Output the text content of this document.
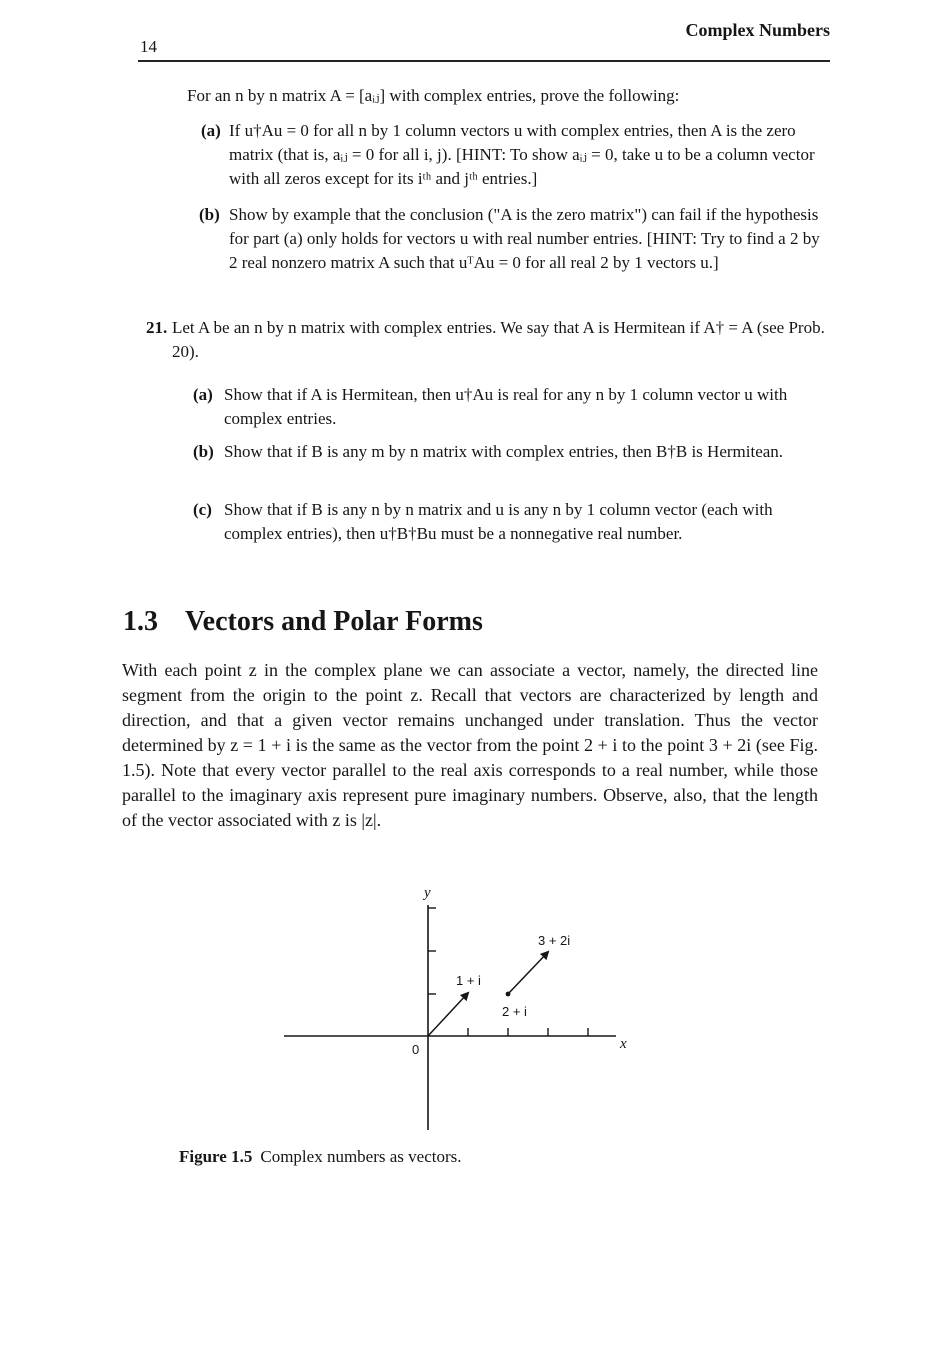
14
Complex Numbers
For an n by n matrix A = [aᵢⱼ] with complex entries, prove the following:
(a) If u†Au = 0 for all n by 1 column vectors u with complex entries, then A is the zero matrix (that is, aᵢⱼ = 0 for all i, j). [HINT: To show aᵢⱼ = 0, take u to be a column vector with all zeros except for its iᵗʰ and jᵗʰ entries.]
(b) Show by example that the conclusion ("A is the zero matrix") can fail if the hypothesis for part (a) only holds for vectors u with real number entries. [HINT: Try to find a 2 by 2 real nonzero matrix A such that uᵀAu = 0 for all real 2 by 1 vectors u.]
21. Let A be an n by n matrix with complex entries. We say that A is Hermitean if A† = A (see Prob. 20).
(a) Show that if A is Hermitean, then u†Au is real for any n by 1 column vector u with complex entries.
(b) Show that if B is any m by n matrix with complex entries, then B†B is Hermitean.
(c) Show that if B is any n by n matrix and u is any n by 1 column vector (each with complex entries), then u†B†Bu must be a nonnegative real number.
1.3 Vectors and Polar Forms
With each point z in the complex plane we can associate a vector, namely, the directed line segment from the origin to the point z. Recall that vectors are characterized by length and direction, and that a given vector remains unchanged under translation. Thus the vector determined by z = 1 + i is the same as the vector from the point 2 + i to the point 3 + 2i (see Fig. 1.5). Note that every vector parallel to the real axis corresponds to a real number, while those parallel to the imaginary axis represent pure imaginary numbers. Observe, also, that the length of the vector associated with z is |z|.
y
x
0
1 + i
2 + i
3 + 2i
Figure 1.5 Complex numbers as vectors.
